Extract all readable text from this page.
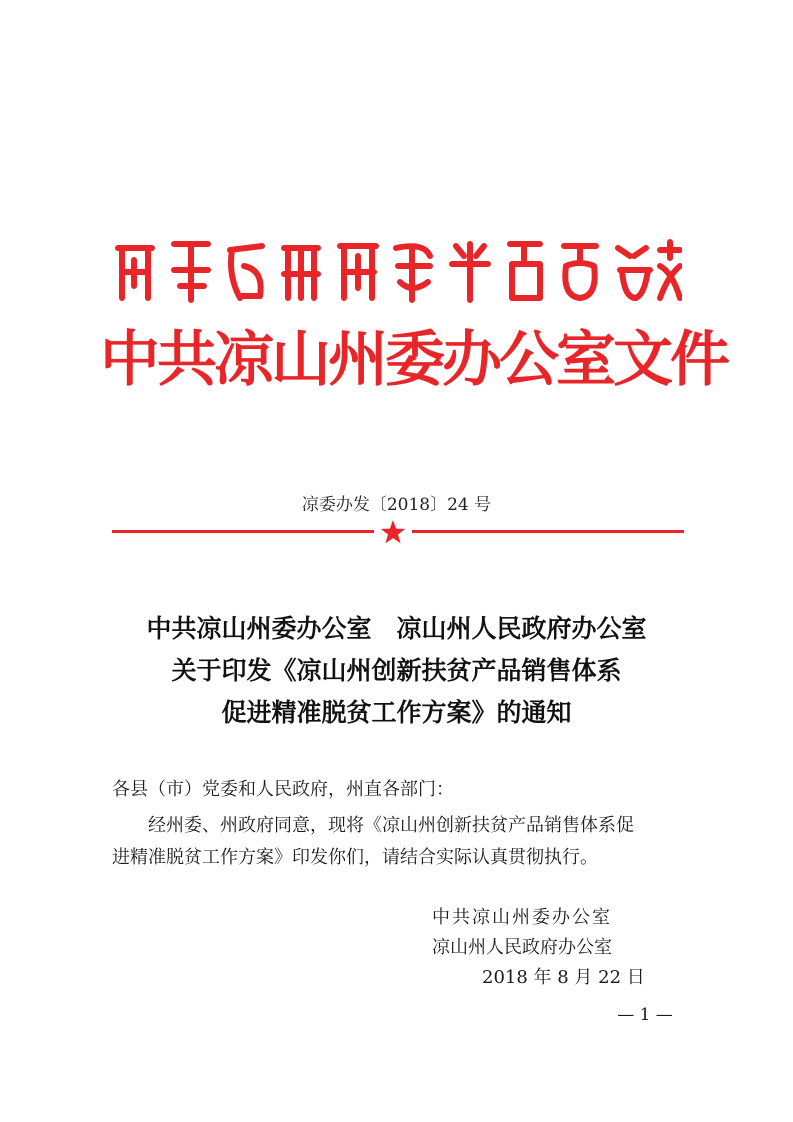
中共凉山州委办公室文件
凉委办发〔2018〕24 号
中共凉山州委办公室　凉山州人民政府办公室
关于印发《凉山州创新扶贫产品销售体系
促进精准脱贫工作方案》的通知
各县（市）党委和人民政府，州直各部门：
经州委、州政府同意，现将《凉山州创新扶贫产品销售体系促
进精准脱贫工作方案》印发你们，请结合实际认真贯彻执行。
中共凉山州委办公室
凉山州人民政府办公室
2018 年 8 月 22 日
— 1 —
